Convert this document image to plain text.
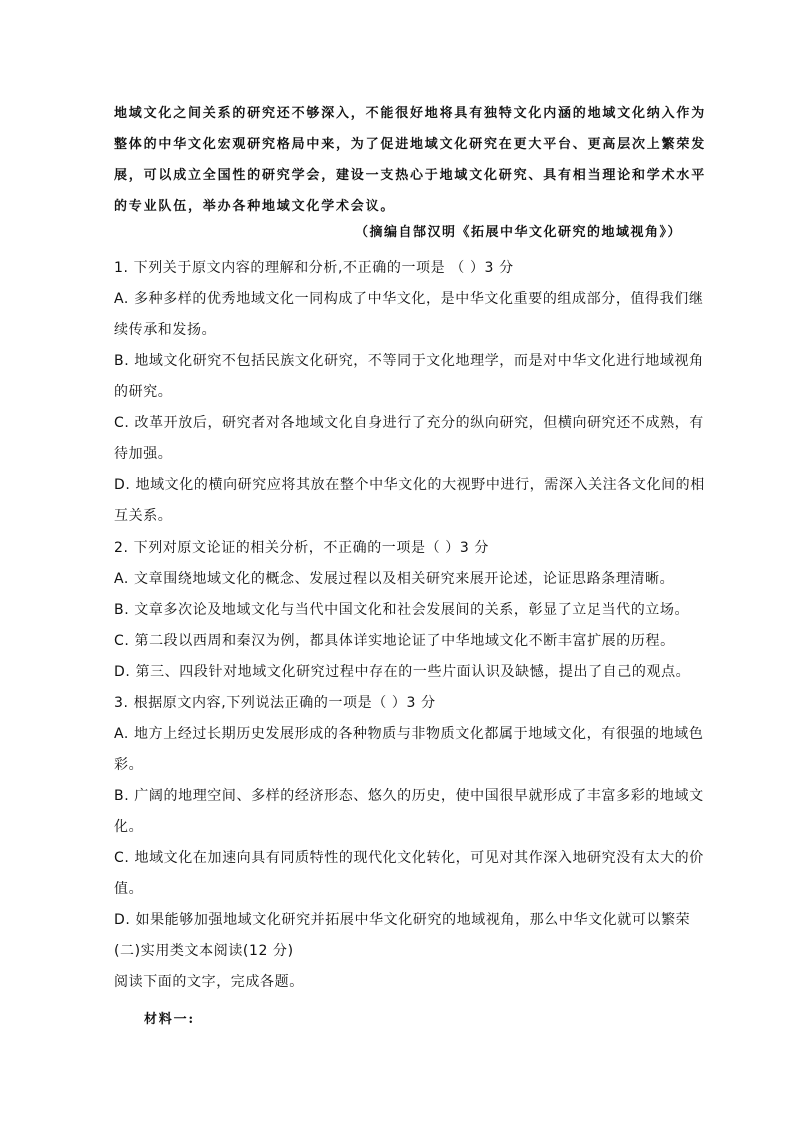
地域文化之间关系的研究还不够深入，不能很好地将具有独特文化内涵的地域文化纳入作为
整体的中华文化宏观研究格局中来，为了促进地域文化研究在更大平台、更高层次上繁荣发
展，可以成立全国性的研究学会，建设一支热心于地域文化研究、具有相当理论和学术水平
的专业队伍，举办各种地域文化学术会议。
（摘编自郜汉明《拓展中华文化研究的地域视角》）
1. 下列关于原文内容的理解和分析,不正确的一项是 （ ）3 分
A. 多种多样的优秀地域文化一同构成了中华文化，是中华文化重要的组成部分，值得我们继
续传承和发扬。
B. 地域文化研究不包括民族文化研究，不等同于文化地理学，而是对中华文化进行地域视角
的研究。
C. 改革开放后，研究者对各地域文化自身进行了充分的纵向研究，但横向研究还不成熟，有
待加强。
D. 地域文化的横向研究应将其放在整个中华文化的大视野中进行，需深入关注各文化间的相
互关系。
2. 下列对原文论证的相关分析，不正确的一项是（ ）3 分
A. 文章围绕地域文化的概念、发展过程以及相关研究来展开论述，论证思路条理清晰。
B. 文章多次论及地域文化与当代中国文化和社会发展间的关系，彰显了立足当代的立场。
C. 第二段以西周和秦汉为例，都具体详实地论证了中华地域文化不断丰富扩展的历程。
D. 第三、四段针对地域文化研究过程中存在的一些片面认识及缺憾，提出了自己的观点。
3. 根据原文内容,下列说法正确的一项是（ ）3 分
A. 地方上经过长期历史发展形成的各种物质与非物质文化都属于地域文化，有很强的地域色
彩。
B. 广阔的地理空间、多样的经济形态、悠久的历史，使中国很早就形成了丰富多彩的地域文
化。
C. 地域文化在加速向具有同质特性的现代化文化转化，可见对其作深入地研究没有太大的价
值。
D. 如果能够加强地域文化研究并拓展中华文化研究的地域视角，那么中华文化就可以繁荣
(二)实用类文本阅读(12 分)
阅读下面的文字，完成各题。
材料一:
